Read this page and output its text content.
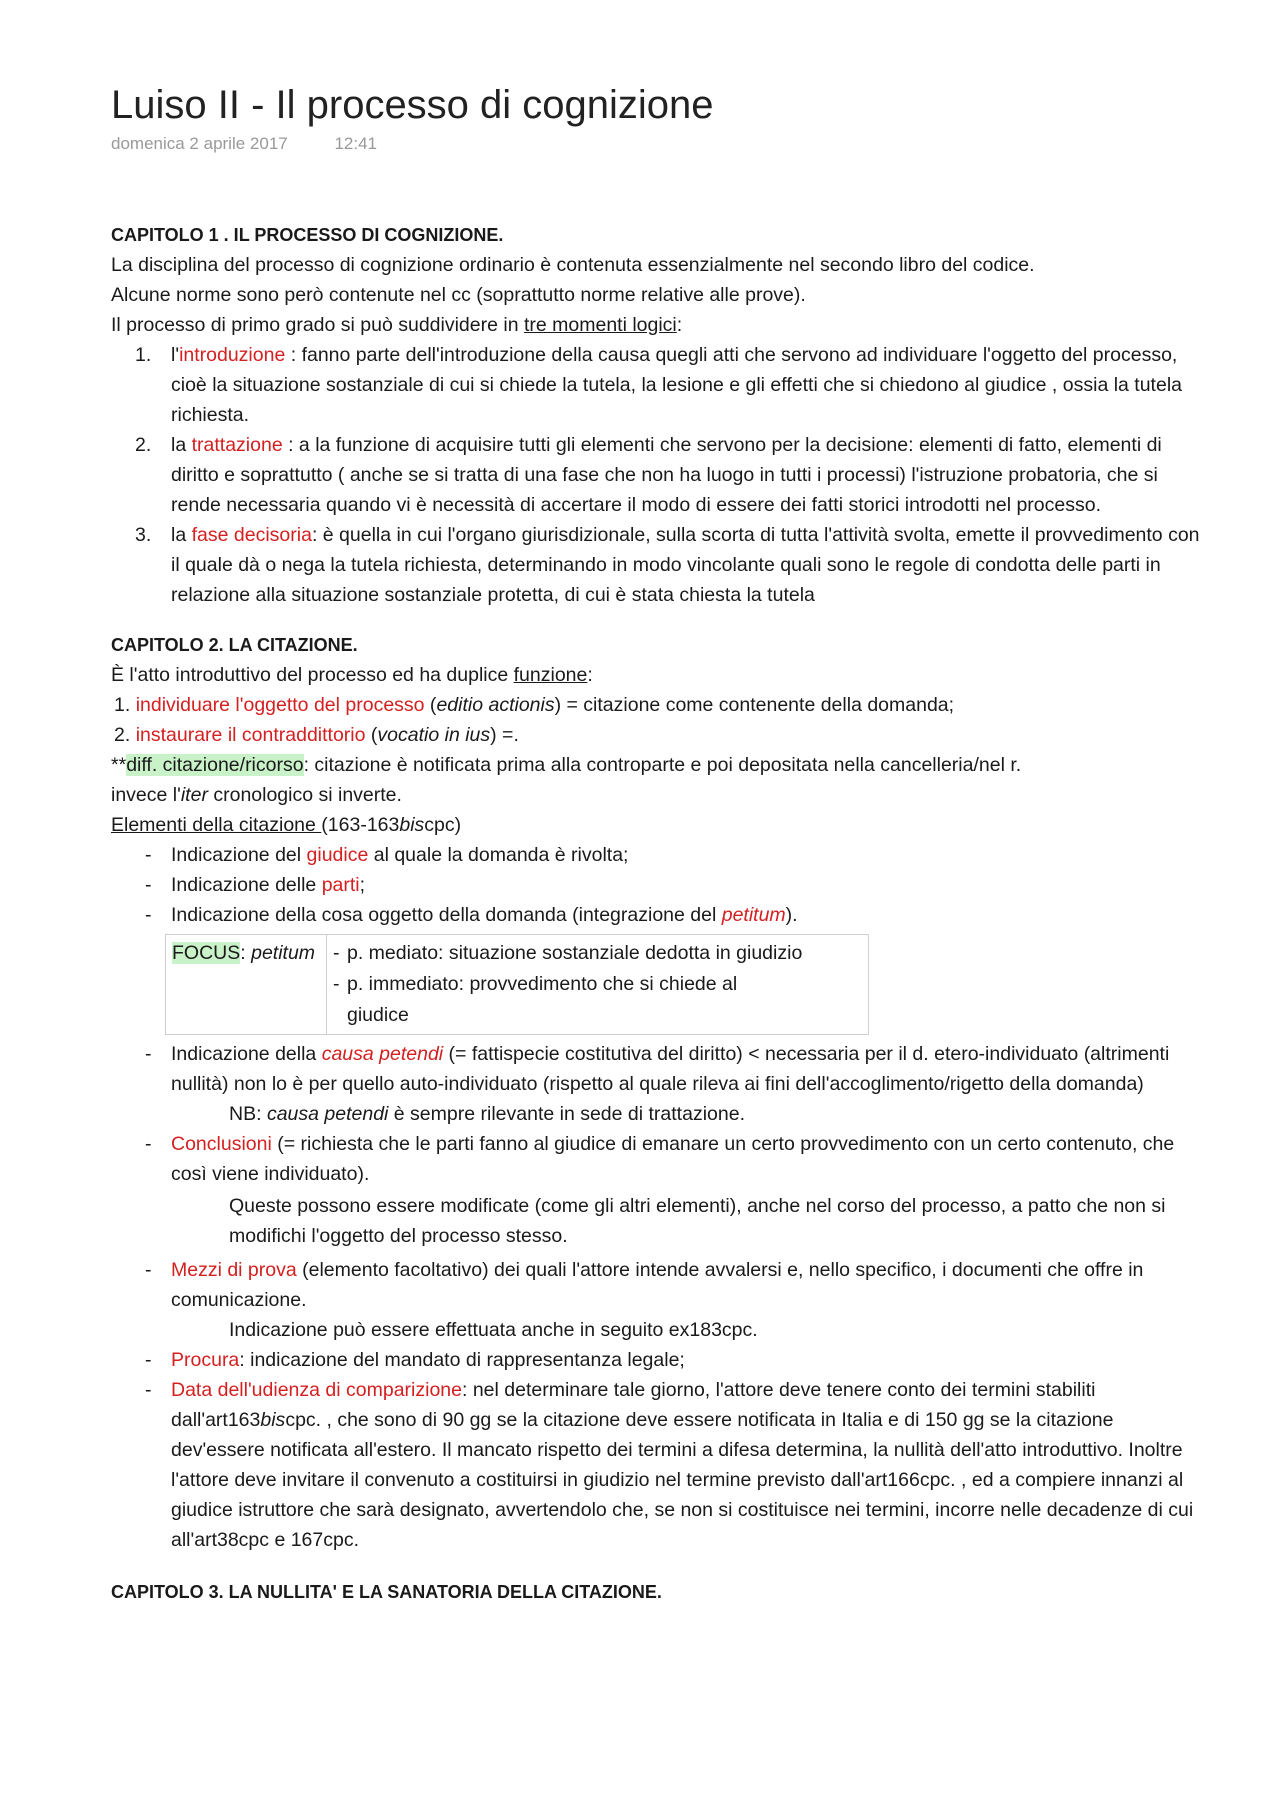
Luiso II - Il processo di cognizione
domenica 2 aprile 2017	12:41

CAPITOLO 1 . IL PROCESSO DI COGNIZIONE.

La disciplina del processo di cognizione ordinario è contenuta essenzialmente nel secondo libro del codice.

Alcune norme sono però contenute nel cc (soprattutto norme relative alle prove).

Il processo di primo grado si può suddividere in tre momenti logici:

1. l'introduzione : fanno parte dell'introduzione della causa quegli atti che servono ad individuare l'oggetto del processo, cioè la situazione sostanziale di cui si chiede la tutela, la lesione e gli effetti che si chiedono al giudice , ossia la tutela richiesta.
2. la trattazione : a la funzione di acquisire tutti gli elementi che servono per la decisione: elementi di fatto, elementi di diritto e soprattutto ( anche se si tratta di una fase che non ha luogo in tutti i processi) l'istruzione probatoria, che si rende necessaria quando vi è necessità di accertare il modo di essere dei fatti storici introdotti nel processo.
3. la fase decisoria: è quella in cui l'organo giurisdizionale, sulla scorta di tutta l'attività svolta, emette il provvedimento con il quale dà o nega la tutela richiesta, determinando in modo vincolante quali sono le regole di condotta delle parti in relazione alla situazione sostanziale protetta, di cui è stata chiesta la tutela

CAPITOLO 2. LA CITAZIONE.

È l'atto introduttivo del processo ed ha duplice funzione:

1. individuare l'oggetto del processo (editio actionis) = citazione come contenente della domanda;

2. instaurare il contraddittorio (vocatio in ius) =.

**diff. citazione/ricorso: citazione è notificata prima alla controparte e poi depositata nella cancelleria/nel r.

invece l'iter cronologico si inverte.

Elementi della citazione (163-163biscpc)

- Indicazione del giudice al quale la domanda è rivolta;
- Indicazione delle parti;
- Indicazione della cosa oggetto della domanda (integrazione del petitum).
FOCUS: petitum	- p. mediato: situazione sostanziale dedotta in giudizio
- p. immediato: provvedimento che si chiede al giudice
- Indicazione della causa petendi (= fattispecie costitutiva del diritto) < necessaria per il d. etero-individuato (altrimenti nullità) non lo è per quello auto-individuato (rispetto al quale rileva ai fini dell'accoglimento/rigetto della domanda)
NB: causa petendi è sempre rilevante in sede di trattazione.
- Conclusioni (= richiesta che le parti fanno al giudice di emanare un certo provvedimento con un certo contenuto, che così viene individuato).
Queste possono essere modificate (come gli altri elementi), anche nel corso del processo, a patto che non si modifichi l'oggetto del processo stesso.
- Mezzi di prova (elemento facoltativo) dei quali l'attore intende avvalersi e, nello specifico, i documenti che offre in comunicazione.
Indicazione può essere effettuata anche in seguito ex183cpc.
- Procura: indicazione del mandato di rappresentanza legale;
- Data dell'udienza di comparizione: nel determinare tale giorno, l'attore deve tenere conto dei termini stabiliti dall'art163biscpc. , che sono di 90 gg se la citazione deve essere notificata in Italia e di 150 gg se la citazione dev'essere notificata all'estero. Il mancato rispetto dei termini a difesa determina, la nullità dell'atto introduttivo. Inoltre l'attore deve invitare il convenuto a costituirsi in giudizio nel termine previsto dall'art166cpc. , ed a compiere innanzi al giudice istruttore che sarà designato, avvertendolo che, se non si costituisce nei termini, incorre nelle decadenze di cui all'art38cpc e 167cpc.

CAPITOLO 3. LA NULLITA' E LA SANATORIA DELLA CITAZIONE.
